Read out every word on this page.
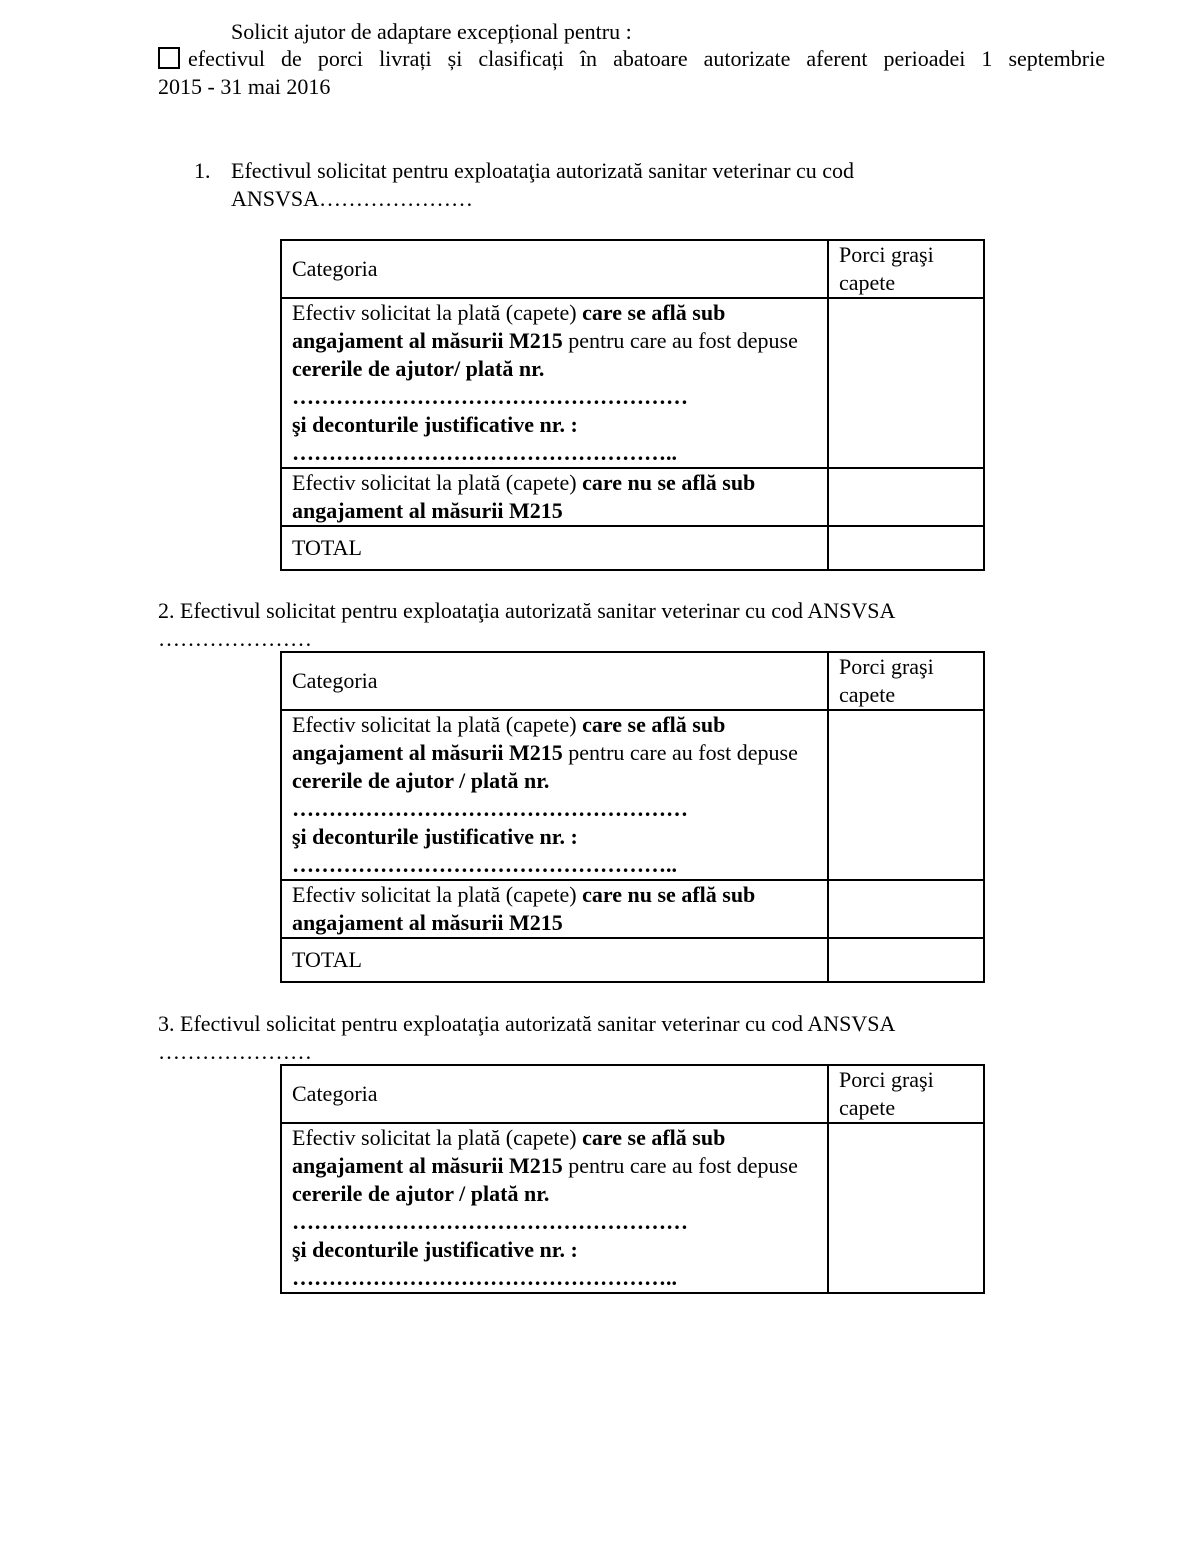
Solicit ajutor de adaptare excepțional pentru :
efectivul de porci livrați și clasificați în abatoare autorizate aferent perioadei 1 septembrie
2015 - 31 mai 2016
1. Efectivul solicitat pentru exploataţia autorizată sanitar veterinar cu cod
ANSVSA…………………
Categoria	Porci graşi capete
Efectiv solicitat la plată (capete) care se află sub angajament al măsurii M215 pentru care au fost depuse cererile de ajutor/ plată nr.
………………………………………………
şi deconturile justificative nr. :
……………………………………………..	

Efectiv solicitat la plată (capete) care nu se află sub angajament al măsurii M215	
TOTAL	
2. Efectivul solicitat pentru exploataţia autorizată sanitar veterinar cu cod ANSVSA
…………………
Categoria	Porci graşi capete
Efectiv solicitat la plată (capete) care se află sub angajament al măsurii M215 pentru care au fost depuse cererile de ajutor / plată nr.
………………………………………………
şi deconturile justificative nr. :
……………………………………………..	

Efectiv solicitat la plată (capete) care nu se află sub angajament al măsurii M215	
TOTAL	
3. Efectivul solicitat pentru exploataţia autorizată sanitar veterinar cu cod ANSVSA
…………………
Categoria	Porci graşi capete
Efectiv solicitat la plată (capete) care se află sub angajament al măsurii M215 pentru care au fost depuse cererile de ajutor / plată nr.
………………………………………………
şi deconturile justificative nr. :
……………………………………………..	
